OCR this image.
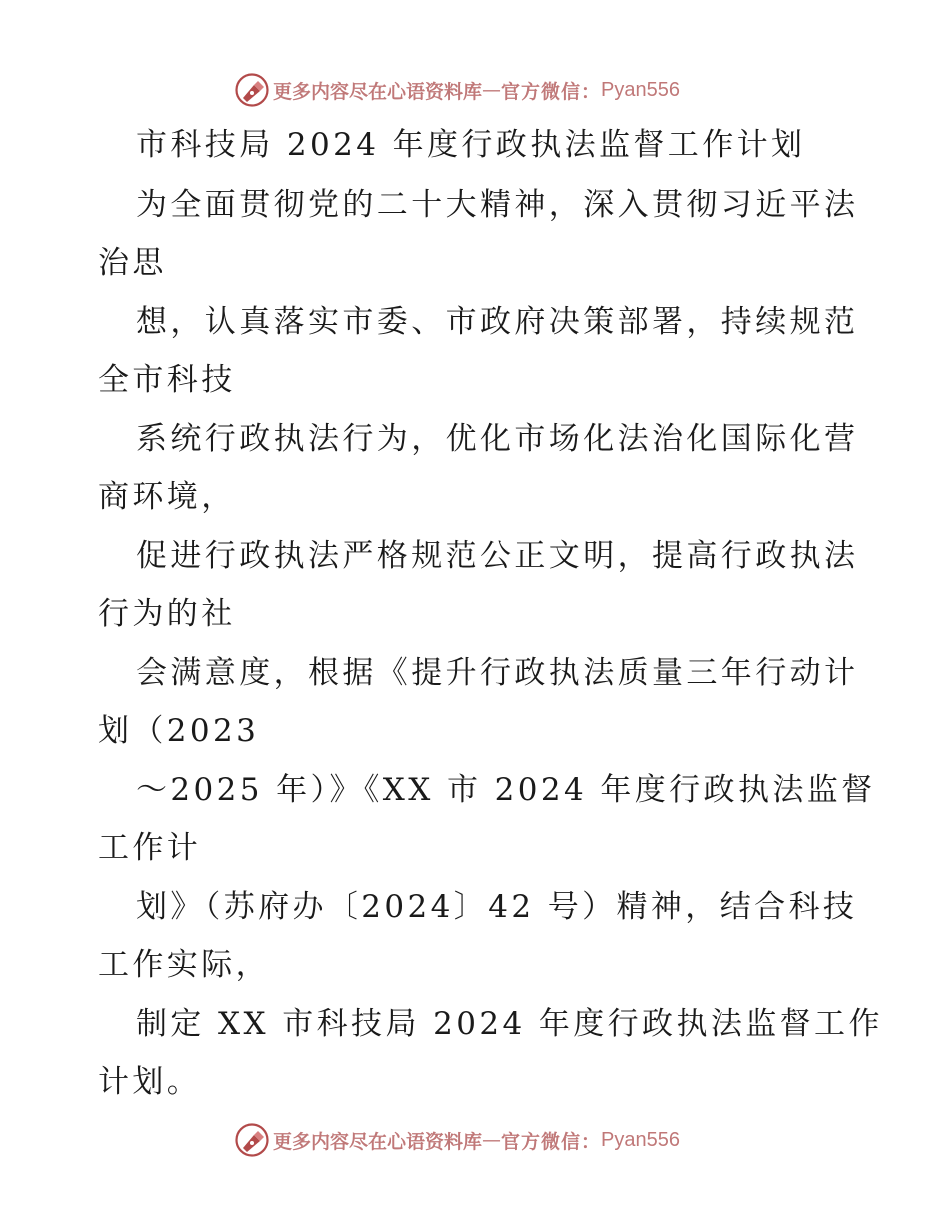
更多内容尽在心语资料库 — 官方微信： Pyan556
市科技局 2024 年度行政执法监督工作计划
为全面贯彻党的二十大精神，深入贯彻习近平法
治思
想，认真落实市委、市政府决策部署，持续规范
全市科技
系统行政执法行为，优化市场化法治化国际化营
商环境，
促进行政执法严格规范公正文明，提高行政执法
行为的社
会满意度，根据《提升行政执法质量三年行动计
划（2023
～2025 年）》《XX 市 2024 年度行政执法监督
工作计
划》（苏府办〔2024〕42 号）精神，结合科技
工作实际，
制定 XX 市科技局 2024 年度行政执法监督工作
计划。
更多内容尽在心语资料库 — 官方微信： Pyan556
